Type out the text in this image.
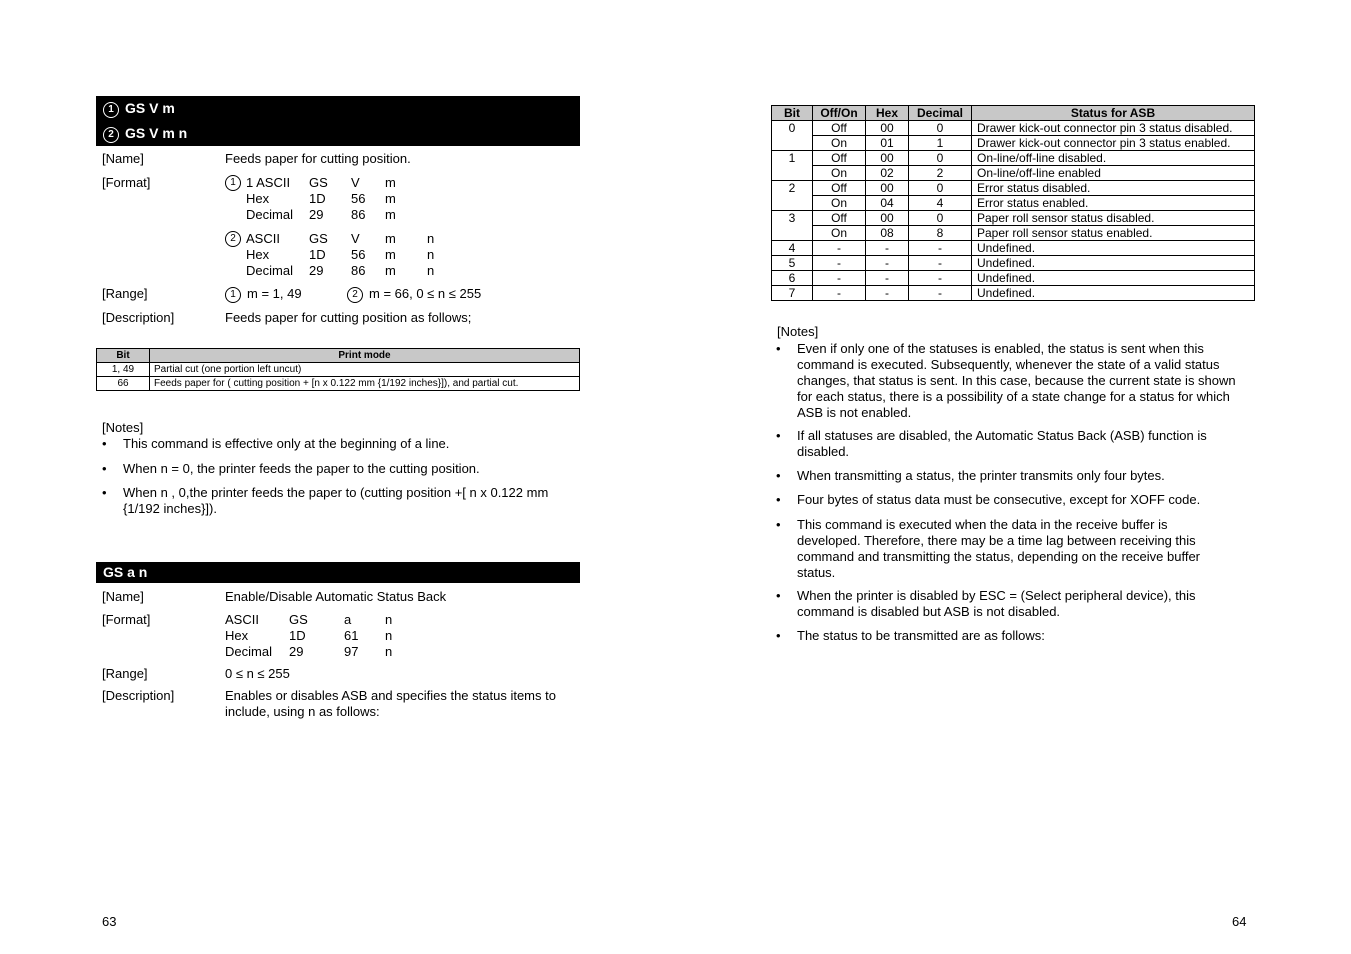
1 GS V m
2 GS V m n
[Name]	Feeds paper for cutting position.
[Format]	1 1 ASCII	GS	V	m
Hex	1D	56	m
Decimal	29	86	m
2 ASCII	GS	V	m	n
Hex	1D	56	m	n
Decimal	29	86	m	n
[Range]	1 m = 1, 49	2 m = 66, 0 ≤ n ≤ 255
[Description]	Feeds paper for cutting position as follows;
Bit	Print mode
1, 49	Partial cut (one portion left uncut)
66	Feeds paper for ( cutting position + [n x 0.122 mm {1/192 inches}]), and partial cut.
[Notes]
• This command is effective only at the beginning of a line.
• When n = 0, the printer feeds the paper to the cutting position.
• When n , 0,the printer feeds the paper to (cutting position +[ n x 0.122 mm {1/192 inches}]).
GS a n
[Name]	Enable/Disable Automatic Status Back
[Format]	ASCII	GS	a	n
Hex	1D	61	n
Decimal	29	97	n
[Range]	0 ≤ n ≤ 255
[Description]	Enables or disables ASB and specifies the status items to include, using n as follows:
63
Bit	Off/On	Hex	Decimal	Status for ASB
0	Off	00	0	Drawer kick-out connector pin 3 status disabled.
	On	01	1	Drawer kick-out connector pin 3 status enabled.
1	Off	00	0	On-line/off-line disabled.
	On	02	2	On-line/off-line enabled
2	Off	00	0	Error status disabled.
	On	04	4	Error status enabled.
3	Off	00	0	Paper roll sensor status disabled.
	On	08	8	Paper roll sensor status enabled.
4	-	-	-	Undefined.
5	-	-	-	Undefined.
6	-	-	-	Undefined.
7	-	-	-	Undefined.
[Notes]
• Even if only one of the statuses is enabled, the status is sent when this command is executed. Subsequently, whenever the state of a valid status changes, that status is sent. In this case, because the current state is shown for each status, there is a possibility of a state change for a status for which ASB is not enabled.
• If all statuses are disabled, the Automatic Status Back (ASB) function is disabled.
• When transmitting a status, the printer transmits only four bytes.
• Four bytes of status data must be consecutive, except for XOFF code.
• This command is executed when the data in the receive buffer is developed. Therefore, there may be a time lag between receiving this command and transmitting the status, depending on the receive buffer status.
• When the printer is disabled by ESC = (Select peripheral device), this command is disabled but ASB is not disabled.
• The status to be transmitted are as follows:
64
